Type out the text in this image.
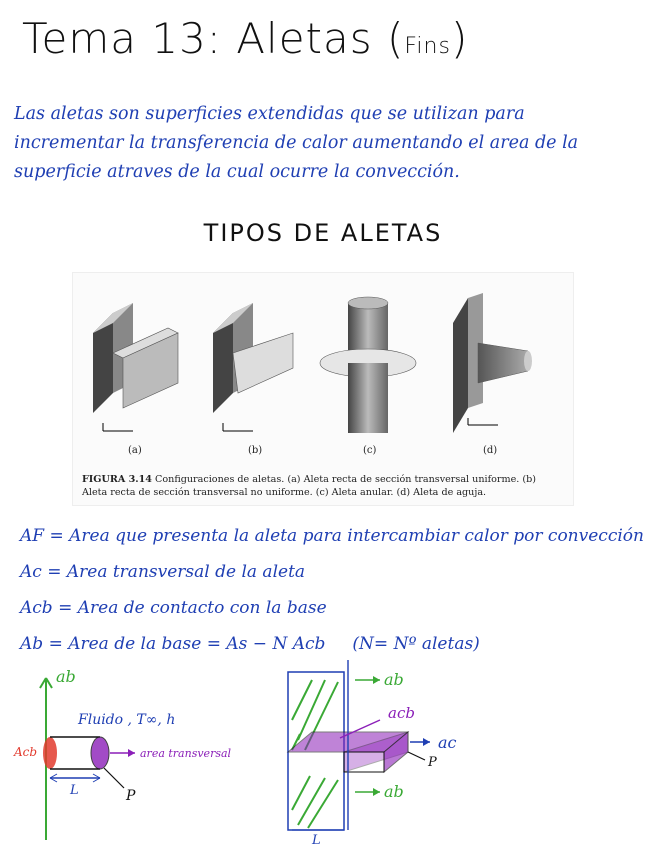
Tema 13: Aletas (Fins)
Las aletas son superficies extendidas que se utilizan para incrementar la transferencia de calor aumentando el area de la superficie atraves de la cual ocurre la convección.
TIPOS DE ALETAS
(a)	(b)	(c)	(d)
FIGURA 3.14 Configuraciones de aletas. (a) Aleta recta de sección transversal uniforme. (b) Aleta recta de sección transversal no uniforme. (c) Aleta anular. (d) Aleta de aguja.
AF = Area que presenta la aleta para intercambiar calor por convección
Ac = Area transversal de la aleta
Acb = Area de contacto con la base
Ab = Area de la base = As − N Acb     (N= Nº aletas)
ab
Fluido , T∞, h
Acb	area transversal
L	P
ab
acb
ac
P
ab
L
